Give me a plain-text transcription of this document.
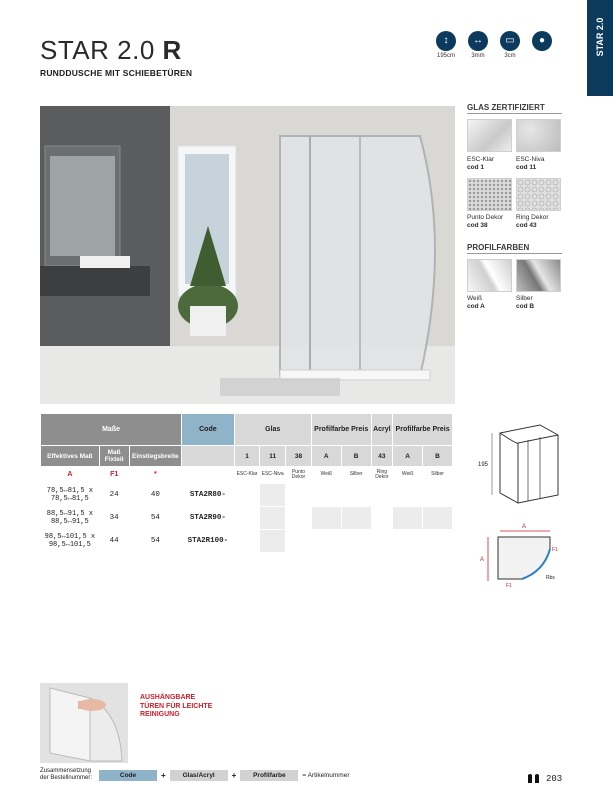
STAR 2.0 R
RUNDDUSCHE MIT SCHIEBETÜREN
STAR 2.0
↕
195cm
↔
3mm
▭
3cm
●
GLAS ZERTIFIZIERT
ESC-Klar
cod 1
ESC-Niva
cod 11
Punto Dekor
cod 38
Ring Dekor
cod 43
PROFILFARBEN
Weiß
cod A
Silber
cod B
Maße			Code	Glas			Profilfarbe Preis		Acryl	Profilfarbe Preis	
Effektives Maß	Maß Fixteil	Einstiegsbreite		1	11	38	A	B	43	A	B
A	F1	*		ESC-Klar	ESC-Niva	Punto Dekor	Weiß	Silber	Ring Dekor	Weiß	Silber

78,5↔81,5 x
78,5↔81,5	24	40	STA2R80-								

88,5↔91,5 x
88,5↔91,5	34	54	STA2R90-								

98,5↔101,5 x
98,5↔101,5	44	54	STA2R100-								
195
A
A
F1
F1
Rbs
AUSHÄNGBARE
TÜREN FÜR LEICHTE
REINIGUNG
Zusammensetzung
der Bestellnummer:	Code	+	Glas/Acryl	+	Profilfarbe	= Artikelnummer	203
